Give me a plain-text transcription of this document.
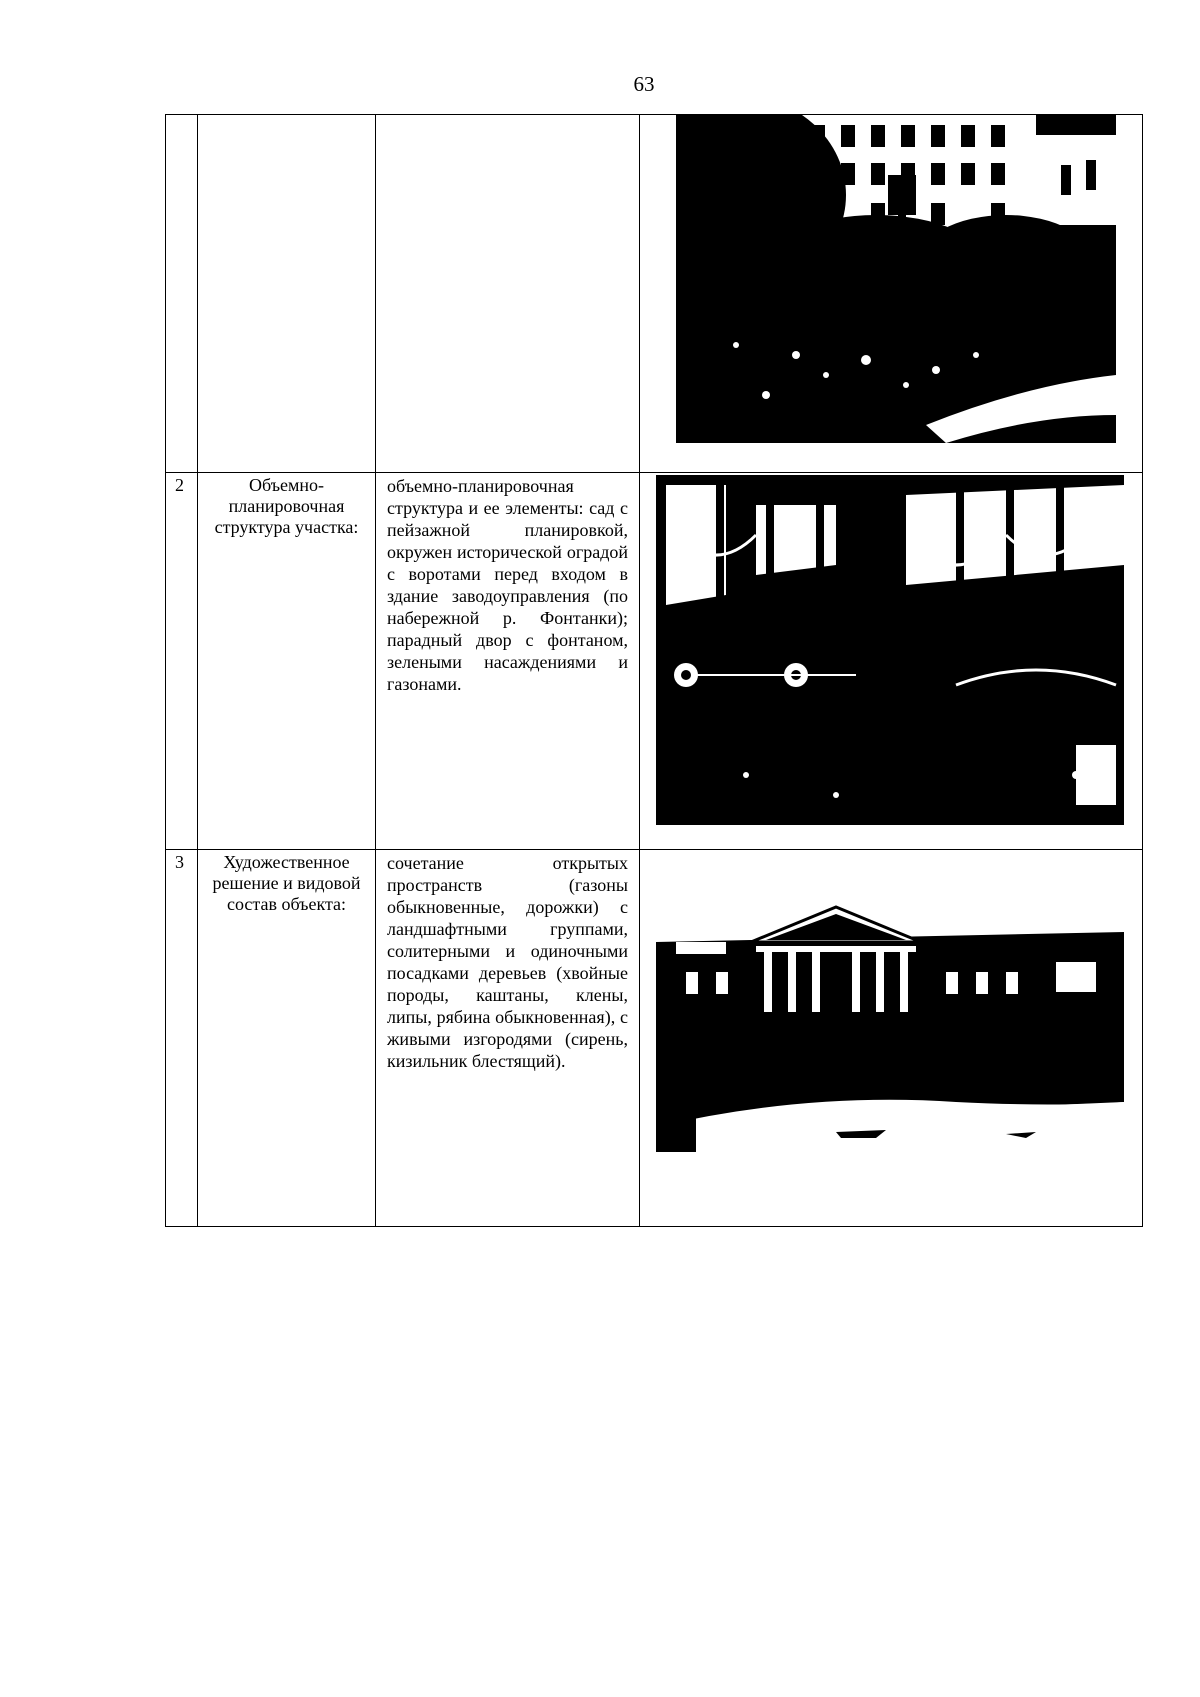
63

2	Объемно-планировочная структура участка:	объемно-планировочная структура и ее элементы: сад с пейзажной планировкой, окружен исторической оградой с воротами перед входом в здание заводоуправления (по набережной р. Фонтанки); парадный двор с фонтаном, зелеными насаждениями и газонами.	

3	Художественное решение и видовой состав объекта:	сочетание открытых пространств (газоны обыкновенные, дорожки) с ландшафтными группами, солитерными и одиночными посадками деревьев (хвойные породы, каштаны, клены, липы, рябина обыкновенная), с живыми изгородями (сирень, кизильник блестящий).	
